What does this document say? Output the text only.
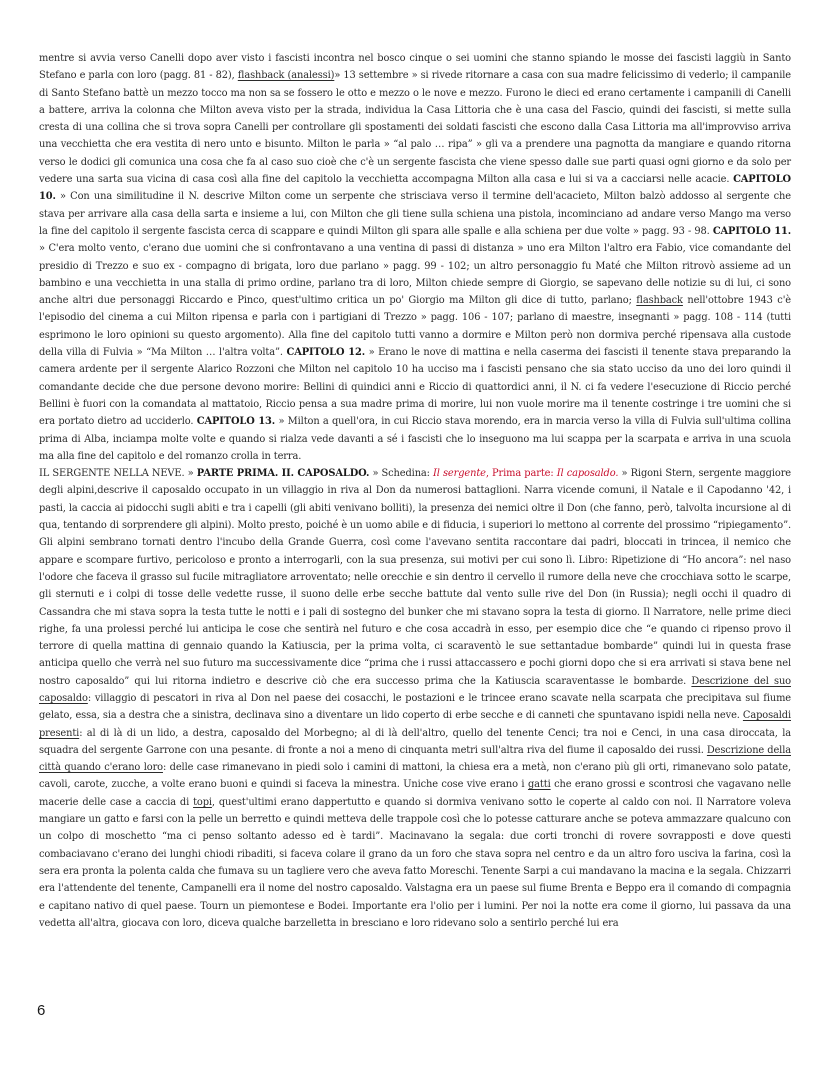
mentre si avvia verso Canelli dopo aver visto i fascisti incontra nel bosco cinque o sei uomini che stanno spiando le mosse dei fascisti laggiù in Santo Stefano e parla con loro (pagg. 81 - 82), flashback (analessi)» 13 settembre » si rivede ritornare a casa con sua madre felicissimo di vederlo; il campanile di Santo Stefano battè un mezzo tocco ma non sa se fossero le otto e mezzo o le nove e mezzo. Furono le dieci ed erano certamente i campanili di Canelli a battere, arriva la colonna che Milton aveva visto per la strada, individua la Casa Littoria che è una casa del Fascio, quindi dei fascisti, si mette sulla cresta di una collina che si trova sopra Canelli per controllare gli spostamenti dei soldati fascisti che escono dalla Casa Littoria ma all'improvviso arriva una vecchietta che era vestita di nero unto e bisunto. Milton le parla » “al palo … ripa” » gli va a prendere una pagnotta da mangiare e quando ritorna verso le dodici gli comunica una cosa che fa al caso suo cioè che c'è un sergente fascista che viene spesso dalle sue parti quasi ogni giorno e da solo per vedere una sarta sua vicina di casa così alla fine del capitolo la vecchietta accompagna Milton alla casa e lui si va a cacciarsi nelle acacie. CAPITOLO 10. » Con una similitudine il N. descrive Milton come un serpente che strisciava verso il termine dell'acacieto, Milton balzò addosso al sergente che stava per arrivare alla casa della sarta e insieme a lui, con Milton che gli tiene sulla schiena una pistola, incominciano ad andare verso Mango ma verso la fine del capitolo il sergente fascista cerca di scappare e quindi Milton gli spara alle spalle e alla schiena per due volte » pagg. 93 - 98. CAPITOLO 11. » C'era molto vento, c'erano due uomini che si confrontavano a una ventina di passi di distanza » uno era Milton l'altro era Fabio, vice comandante del presidio di Trezzo e suo ex - compagno di brigata, loro due parlano » pagg. 99 - 102; un altro personaggio fu Maté che Milton ritrovò assieme ad un bambino e una vecchietta in una stalla di primo ordine, parlano tra di loro, Milton chiede sempre di Giorgio, se sapevano delle notizie su di lui, ci sono anche altri due personaggi Riccardo e Pinco, quest'ultimo critica un po' Giorgio ma Milton gli dice di tutto, parlano; flashback nell'ottobre 1943 c'è l'episodio del cinema a cui Milton ripensa e parla con i partigiani di Trezzo » pagg. 106 - 107; parlano di maestre, insegnanti » pagg. 108 - 114 (tutti esprimono le loro opinioni su questo argomento). Alla fine del capitolo tutti vanno a dormire e Milton però non dormiva perché ripensava alla custode della villa di Fulvia » “Ma Milton … l'altra volta”. CAPITOLO 12. » Erano le nove di mattina e nella caserma dei fascisti il tenente stava preparando la camera ardente per il sergente Alarico Rozzoni che Milton nel capitolo 10 ha ucciso ma i fascisti pensano che sia stato ucciso da uno dei loro quindi il comandante decide che due persone devono morire: Bellini di quindici anni e Riccio di quattordici anni, il N. ci fa vedere l'esecuzione di Riccio perché Bellini è fuori con la comandata al mattatoio, Riccio pensa a sua madre prima di morire, lui non vuole morire ma il tenente costringe i tre uomini che si era portato dietro ad ucciderlo. CAPITOLO 13. » Milton a quell'ora, in cui Riccio stava morendo, era in marcia verso la villa di Fulvia sull'ultima collina prima di Alba, inciampa molte volte e quando si rialza vede davanti a sé i fascisti che lo inseguono ma lui scappa per la scarpata e arriva in una scuola ma alla fine del capitolo e del romanzo crolla in terra.

IL SERGENTE NELLA NEVE. » PARTE PRIMA. II. CAPOSALDO. » Schedina: Il sergente, Prima parte: Il caposaldo. » Rigoni Stern, sergente maggiore degli alpini,descrive il caposaldo occupato in un villaggio in riva al Don da numerosi battaglioni. Narra vicende comuni, il Natale e il Capodanno '42, i pasti, la caccia ai pidocchi sugli abiti e tra i capelli (gli abiti venivano bolliti), la presenza dei nemici oltre il Don (che fanno, però, talvolta incursione al di qua, tentando di sorprendere gli alpini). Molto presto, poiché è un uomo abile e di fiducia, i superiori lo mettono al corrente del prossimo “ripiegamento”. Gli alpini sembrano tornati dentro l'incubo della Grande Guerra, così come l'avevano sentita raccontare dai padri, bloccati in trincea, il nemico che appare e scompare furtivo, pericoloso e pronto a interrogarli, con la sua presenza, sui motivi per cui sono lì. Libro: Ripetizione di “Ho ancora”: nel naso l'odore che faceva il grasso sul fucile mitragliatore arroventato; nelle orecchie e sin dentro il cervello il rumore della neve che crocchiava sotto le scarpe, gli sternuti e i colpi di tosse delle vedette russe, il suono delle erbe secche battute dal vento sulle rive del Don (in Russia); negli occhi il quadro di Cassandra che mi stava sopra la testa tutte le notti e i pali di sostegno del bunker che mi stavano sopra la testa di giorno. Il Narratore, nelle prime dieci righe, fa una prolessi perché lui anticipa le cose che sentirà nel futuro e che cosa accadrà in esso, per esempio dice che “e quando ci ripenso provo il terrore di quella mattina di gennaio quando la Katiuscia, per la prima volta, ci scaraventò le sue settantadue bombarde” quindi lui in questa frase anticipa quello che verrà nel suo futuro ma successivamente dice “prima che i russi attaccassero e pochi giorni dopo che si era arrivati si stava bene nel nostro caposaldo” qui lui ritorna indietro e descrive ciò che era successo prima che la Katiuscia scaraventasse le bombarde. Descrizione del suo caposaldo: villaggio di pescatori in riva al Don nel paese dei cosacchi, le postazioni e le trincee erano scavate nella scarpata che precipitava sul fiume gelato, essa, sia a destra che a sinistra, declinava sino a diventare un lido coperto di erbe secche e di canneti che spuntavano ispidi nella neve. Caposaldi presenti: al di là di un lido, a destra, caposaldo del Morbegno; al di là dell'altro, quello del tenente Cenci; tra noi e Cenci, in una casa diroccata, la squadra del sergente Garrone con una pesante. di fronte a noi a meno di cinquanta metri sull'altra riva del fiume il caposaldo dei russi. Descrizione della città quando c'erano loro: delle case rimanevano in piedi solo i camini di mattoni, la chiesa era a metà, non c'erano più gli orti, rimanevano solo patate, cavoli, carote, zucche, a volte erano buoni e quindi si faceva la minestra. Uniche cose vive erano i gatti che erano grossi e scontrosi che vagavano nelle macerie delle case a caccia di topi, quest'ultimi erano dappertutto e quando si dormiva venivano sotto le coperte al caldo con noi. Il Narratore voleva mangiare un gatto e farsi con la pelle un berretto e quindi metteva delle trappole così che lo potesse catturare anche se poteva ammazzare qualcuno con un colpo di moschetto “ma ci penso soltanto adesso ed è tardi”. Macinavano la segala: due corti tronchi di rovere sovrapposti e dove questi combaciavano c'erano dei lunghi chiodi ribaditi, si faceva colare il grano da un foro che stava sopra nel centro e da un altro foro usciva la farina, così la sera era pronta la polenta calda che fumava su un tagliere vero che aveva fatto Moreschi. Tenente Sarpi a cui mandavano la macina e la segala. Chizzarri era l'attendente del tenente, Campanelli era il nome del nostro caposaldo. Valstagna era un paese sul fiume Brenta e Beppo era il comando di compagnia e capitano nativo di quel paese. Tourn un piemontese e Bodei. Importante era l'olio per i lumini. Per noi la notte era come il giorno, lui passava da una vedetta all'altra, giocava con loro, diceva qualche barzelletta in bresciano e loro ridevano solo a sentirlo perché lui era

6
